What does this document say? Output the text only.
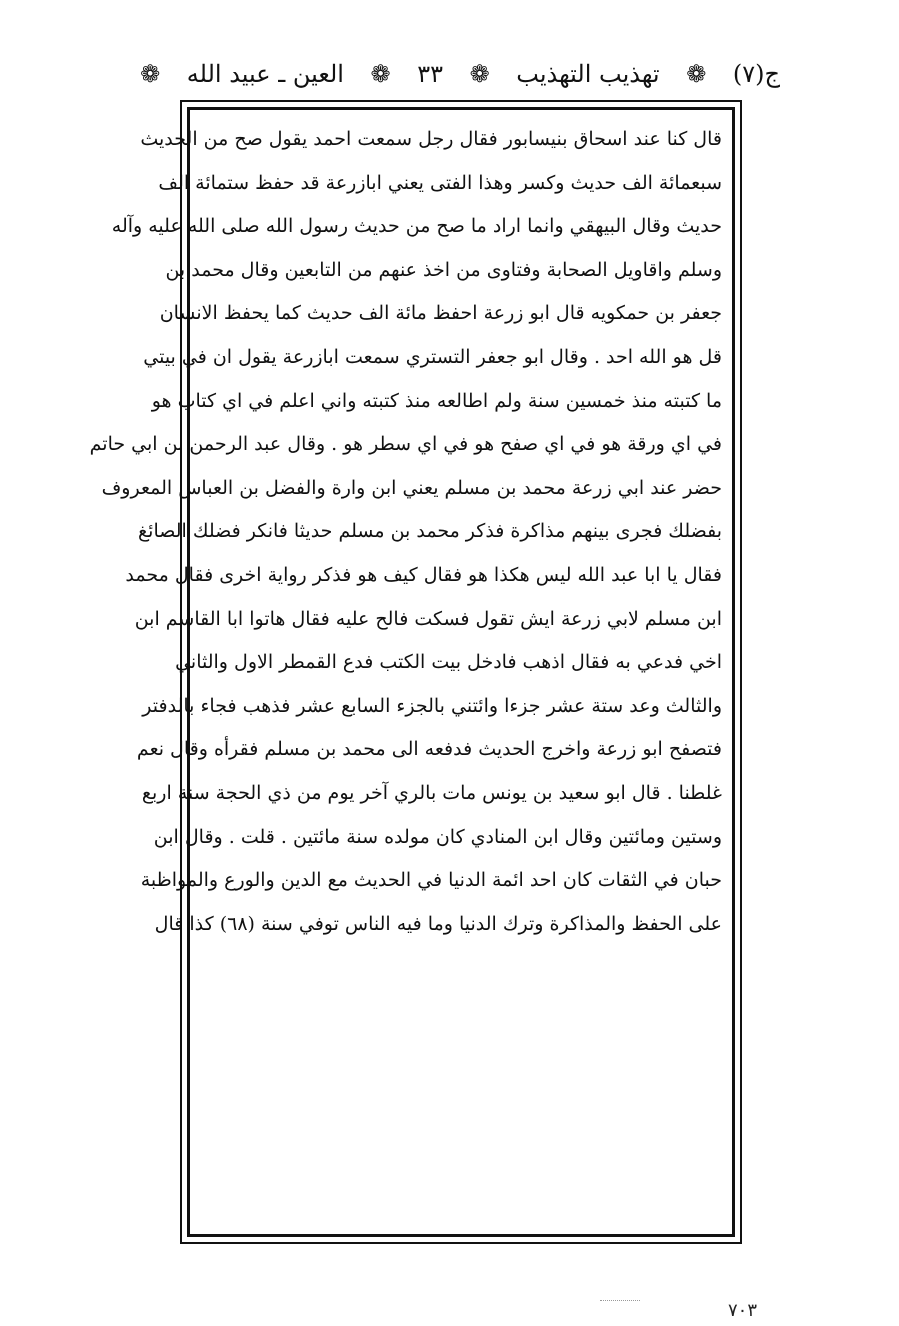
ج(٧)
❁
تهذيب التهذيب
❁
٣٣
❁
العين ـ عبيد الله
❁
قال كنا عند اسحاق بنيسابور فقال رجل سمعت احمد يقول صح من الحديث
سبعمائة الف حديث وكسر وهذا الفتى يعني ابازرعة قد حفظ ستمائة الف
حديث وقال البيهقي وانما اراد ما صح من حديث رسول الله صلى الله عليه وآله
وسلم واقاويل الصحابة وفتاوى من اخذ عنهم من التابعين وقال محمد بن
جعفر بن حمكويه قال ابو زرعة احفظ مائة الف حديث كما يحفظ الانسان
قل هو الله احد . وقال ابو جعفر التستري سمعت ابازرعة يقول ان في بيتي
ما كتبته منذ خمسين سنة ولم اطالعه منذ كتبته واني اعلم في اي كتاب هو
في اي ورقة هو في اي صفح هو في اي سطر هو . وقال عبد الرحمن بن ابي حاتم
حضر عند ابي زرعة محمد بن مسلم يعني ابن وارة والفضل بن العباس المعروف
بفضلك فجرى بينهم مذاكرة فذكر محمد بن مسلم حديثا فانكر فضلك الصائغ
فقال يا ابا عبد الله ليس هكذا هو فقال كيف هو فذكر رواية اخرى فقال محمد
ابن مسلم لابي زرعة ايش تقول فسكت فالح عليه فقال هاتوا ابا القاسم ابن
اخي فدعي به فقال اذهب فادخل بيت الكتب فدع القمطر الاول والثاني
والثالث وعد ستة عشر جزءا وائتني بالجزء السابع عشر فذهب فجاء بالدفتر
فتصفح ابو زرعة واخرج الحديث فدفعه الى محمد بن مسلم فقرأه وقال نعم
غلطنا . قال ابو سعيد بن يونس مات بالري آخر يوم من ذي الحجة سنة اربع
وستين ومائتين وقال ابن المنادي كان مولده سنة مائتين . قلت . وقال ابن
حبان في الثقات كان احد ائمة الدنيا في الحديث مع الدين والورع والمواظبة
على الحفظ والمذاكرة وترك الدنيا وما فيه الناس توفي سنة (٦٨) كذا قال
٧٠٣
